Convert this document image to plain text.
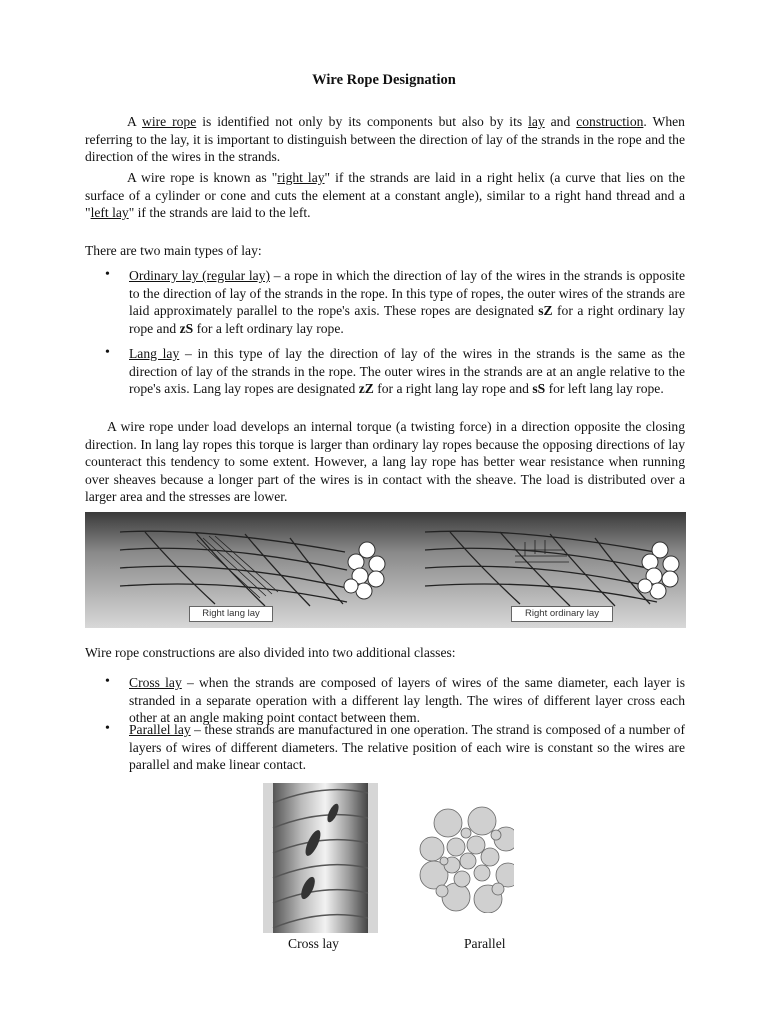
Wire Rope Designation
A wire rope is identified not only by its components but also by its lay and construction. When referring to the lay, it is important to distinguish between the direction of lay of the strands in the rope and the direction of the wires in the strands.
A wire rope is known as "right lay" if the strands are laid in a right helix (a curve that lies on the surface of a cylinder or cone and cuts the element at a constant angle), similar to a right hand thread and a "left lay" if the strands are laid to the left.
There are two main types of lay:
• Ordinary lay (regular lay) – a rope in which the direction of lay of the wires in the strands is opposite to the direction of lay of the strands in the rope. In this type of ropes, the outer wires of the strands are laid approximately parallel to the rope's axis. These ropes are designated sZ for a right ordinary lay rope and zS for a left ordinary lay rope.
• Lang lay – in this type of lay the direction of lay of the wires in the strands is the same as the direction of lay of the strands in the rope. The outer wires in the strands are at an angle relative to the rope's axis. Lang lay ropes are designated zZ for a right lang lay rope and sS for left lang lay rope.
A wire rope under load develops an internal torque (a twisting force) in a direction opposite the closing direction. In lang lay ropes this torque is larger than ordinary lay ropes because the opposing directions of lay counteract this tendency to some extent. However, a lang lay rope has better wear resistance when running over sheaves because a longer part of the wires is in contact with the sheave. The load is distributed over a larger area and the stresses are lower.
Right lang lay	Right ordinary lay
Wire rope constructions are also divided into two additional classes:
• Cross lay – when the strands are composed of layers of wires of the same diameter, each layer is stranded in a separate operation with a different lay length. The wires of different layer cross each other at an angle making point contact between them.
• Parallel lay – these strands are manufactured in one operation. The strand is composed of a number of layers of wires of different diameters. The relative position of each wire is constant so the wires are parallel and make linear contact.
Cross lay	Parallel
